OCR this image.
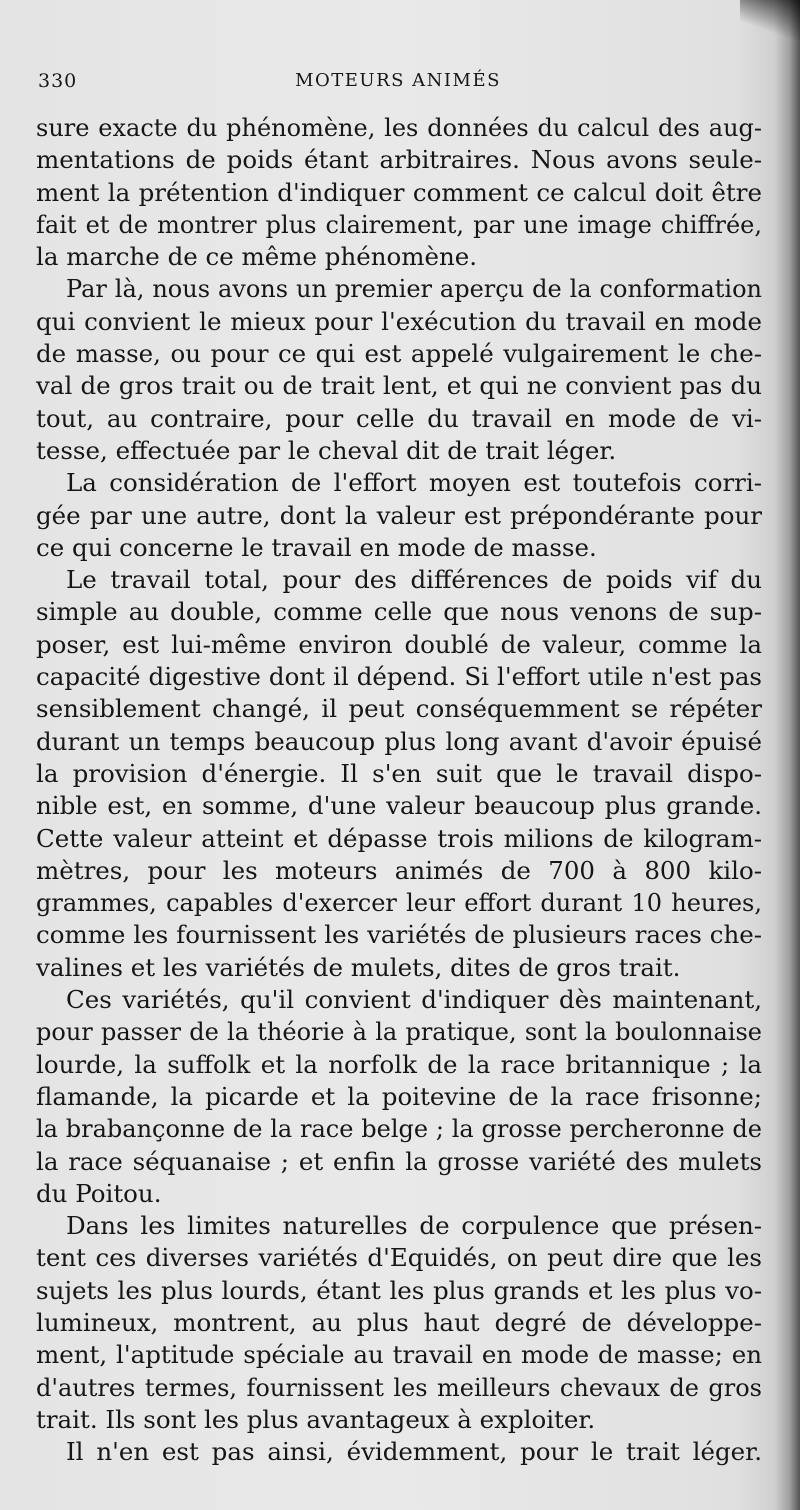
330	MOTEURS ANIMÉS
sure exacte du phénomène, les données du calcul des aug-
mentations de poids étant arbitraires. Nous avons seule-
ment la prétention d'indiquer comment ce calcul doit être
fait et de montrer plus clairement, par une image chiffrée,
la marche de ce même phénomène.
Par là, nous avons un premier aperçu de la conformation
qui convient le mieux pour l'exécution du travail en mode
de masse, ou pour ce qui est appelé vulgairement le che-
val de gros trait ou de trait lent, et qui ne convient pas du
tout, au contraire, pour celle du travail en mode de vi-
tesse, effectuée par le cheval dit de trait léger.
La considération de l'effort moyen est toutefois corri-
gée par une autre, dont la valeur est prépondérante pour
ce qui concerne le travail en mode de masse.
Le travail total, pour des différences de poids vif du
simple au double, comme celle que nous venons de sup-
poser, est lui-même environ doublé de valeur, comme la
capacité digestive dont il dépend. Si l'effort utile n'est pas
sensiblement changé, il peut conséquemment se répéter
durant un temps beaucoup plus long avant d'avoir épuisé
la provision d'énergie. Il s'en suit que le travail dispo-
nible est, en somme, d'une valeur beaucoup plus grande.
Cette valeur atteint et dépasse trois milions de kilogram-
mètres, pour les moteurs animés de 700 à 800 kilo-
grammes, capables d'exercer leur effort durant 10 heures,
comme les fournissent les variétés de plusieurs races che-
valines et les variétés de mulets, dites de gros trait.
Ces variétés, qu'il convient d'indiquer dès maintenant,
pour passer de la théorie à la pratique, sont la boulonnaise
lourde, la suffolk et la norfolk de la race britannique ; la
flamande, la picarde et la poitevine de la race frisonne;
la brabançonne de la race belge ; la grosse percheronne de
la race séquanaise ; et enfin la grosse variété des mulets
du Poitou.
Dans les limites naturelles de corpulence que présen-
tent ces diverses variétés d'Equidés, on peut dire que les
sujets les plus lourds, étant les plus grands et les plus vo-
lumineux, montrent, au plus haut degré de développe-
ment, l'aptitude spéciale au travail en mode de masse; en
d'autres termes, fournissent les meilleurs chevaux de gros
trait. Ils sont les plus avantageux à exploiter.
Il n'en est pas ainsi, évidemment, pour le trait léger.
